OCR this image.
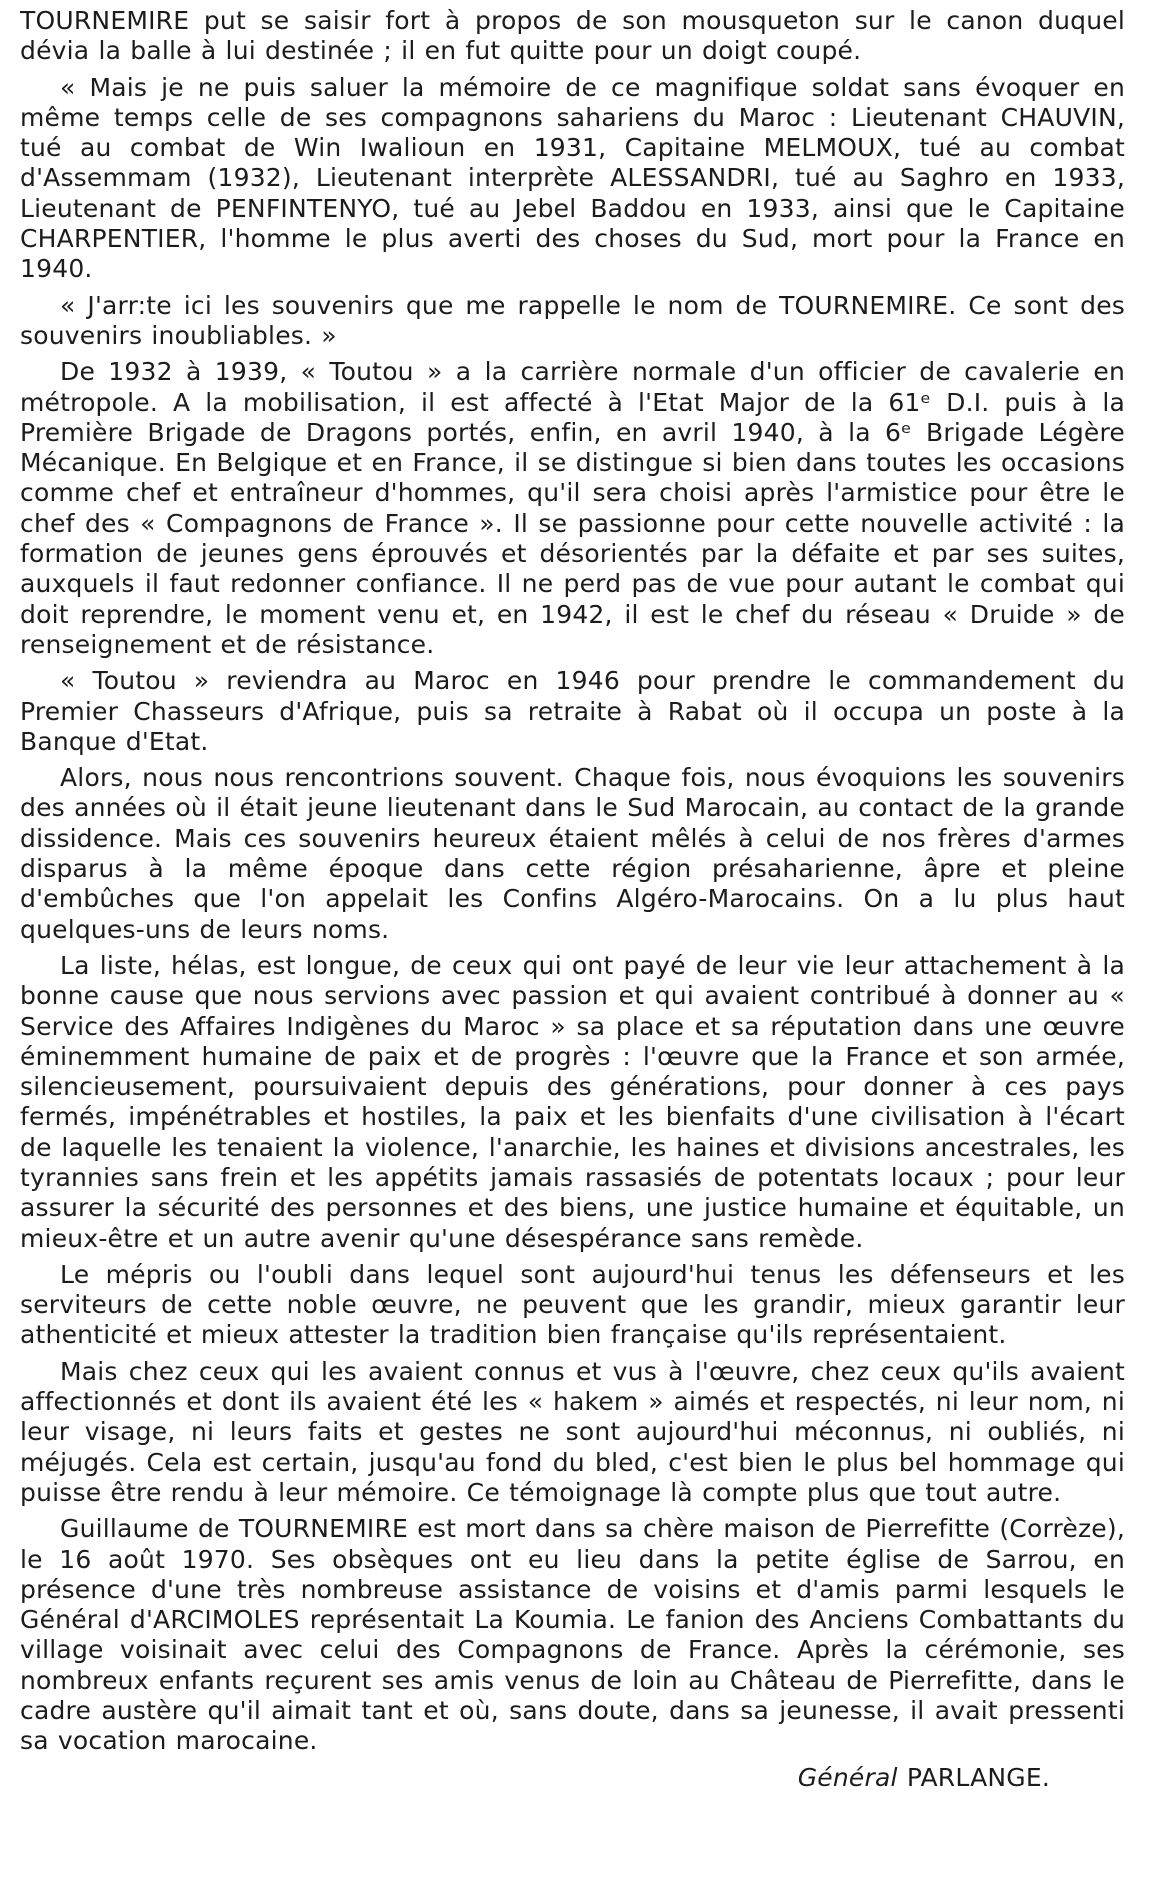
TOURNEMIRE put se saisir fort à propos de son mousqueton sur le canon duquel dévia la balle à lui destinée ; il en fut quitte pour un doigt coupé.

« Mais je ne puis saluer la mémoire de ce magnifique soldat sans évoquer en même temps celle de ses compagnons sahariens du Maroc : Lieutenant CHAUVIN, tué au combat de Win Iwalioun en 1931, Capitaine MELMOUX, tué au combat d'Assemmam (1932), Lieutenant interprète ALESSANDRI, tué au Saghro en 1933, Lieutenant de PENFINTENYO, tué au Jebel Baddou en 1933, ainsi que le Capitaine CHARPENTIER, l'homme le plus averti des choses du Sud, mort pour la France en 1940.

« J'arr:te ici les souvenirs que me rappelle le nom de TOURNEMIRE. Ce sont des souvenirs inoubliables. »

De 1932 à 1939, « Toutou » a la carrière normale d'un officier de cavalerie en métropole. A la mobilisation, il est affecté à l'Etat Major de la 61ᵉ D.I. puis à la Première Brigade de Dragons portés, enfin, en avril 1940, à la 6ᵉ Brigade Légère Mécanique. En Belgique et en France, il se distingue si bien dans toutes les occasions comme chef et entraîneur d'hommes, qu'il sera choisi après l'armistice pour être le chef des « Compagnons de France ». Il se passionne pour cette nouvelle activité : la formation de jeunes gens éprouvés et désorientés par la défaite et par ses suites, auxquels il faut redonner confiance. Il ne perd pas de vue pour autant le combat qui doit reprendre, le moment venu et, en 1942, il est le chef du réseau « Druide » de renseignement et de résistance.

« Toutou » reviendra au Maroc en 1946 pour prendre le commandement du Premier Chasseurs d'Afrique, puis sa retraite à Rabat où il occupa un poste à la Banque d'Etat.

Alors, nous nous rencontrions souvent. Chaque fois, nous évoquions les souvenirs des années où il était jeune lieutenant dans le Sud Marocain, au contact de la grande dissidence. Mais ces souvenirs heureux étaient mêlés à celui de nos frères d'armes disparus à la même époque dans cette région présaharienne, âpre et pleine d'embûches que l'on appelait les Confins Algéro-Marocains. On a lu plus haut quelques-uns de leurs noms.

La liste, hélas, est longue, de ceux qui ont payé de leur vie leur attachement à la bonne cause que nous servions avec passion et qui avaient contribué à donner au « Service des Affaires Indigènes du Maroc » sa place et sa réputation dans une œuvre éminemment humaine de paix et de progrès : l'œuvre que la France et son armée, silencieusement, poursuivaient depuis des générations, pour donner à ces pays fermés, impénétrables et hostiles, la paix et les bienfaits d'une civilisation à l'écart de laquelle les tenaient la violence, l'anarchie, les haines et divisions ancestrales, les tyrannies sans frein et les appétits jamais rassasiés de potentats locaux ; pour leur assurer la sécurité des personnes et des biens, une justice humaine et équitable, un mieux-être et un autre avenir qu'une désespérance sans remède.

Le mépris ou l'oubli dans lequel sont aujourd'hui tenus les défenseurs et les serviteurs de cette noble œuvre, ne peuvent que les grandir, mieux garantir leur athenticité et mieux attester la tradition bien française qu'ils représentaient.

Mais chez ceux qui les avaient connus et vus à l'œuvre, chez ceux qu'ils avaient affectionnés et dont ils avaient été les « hakem » aimés et respectés, ni leur nom, ni leur visage, ni leurs faits et gestes ne sont aujourd'hui méconnus, ni oubliés, ni méjugés. Cela est certain, jusqu'au fond du bled, c'est bien le plus bel hommage qui puisse être rendu à leur mémoire. Ce témoignage là compte plus que tout autre.

Guillaume de TOURNEMIRE est mort dans sa chère maison de Pierrefitte (Corrèze), le 16 août 1970. Ses obsèques ont eu lieu dans la petite église de Sarrou, en présence d'une très nombreuse assistance de voisins et d'amis parmi lesquels le Général d'ARCIMOLES représentait La Koumia. Le fanion des Anciens Combattants du village voisinait avec celui des Compagnons de France. Après la cérémonie, ses nombreux enfants reçurent ses amis venus de loin au Château de Pierrefitte, dans le cadre austère qu'il aimait tant et où, sans doute, dans sa jeunesse, il avait pressenti sa vocation marocaine.

Général PARLANGE.
